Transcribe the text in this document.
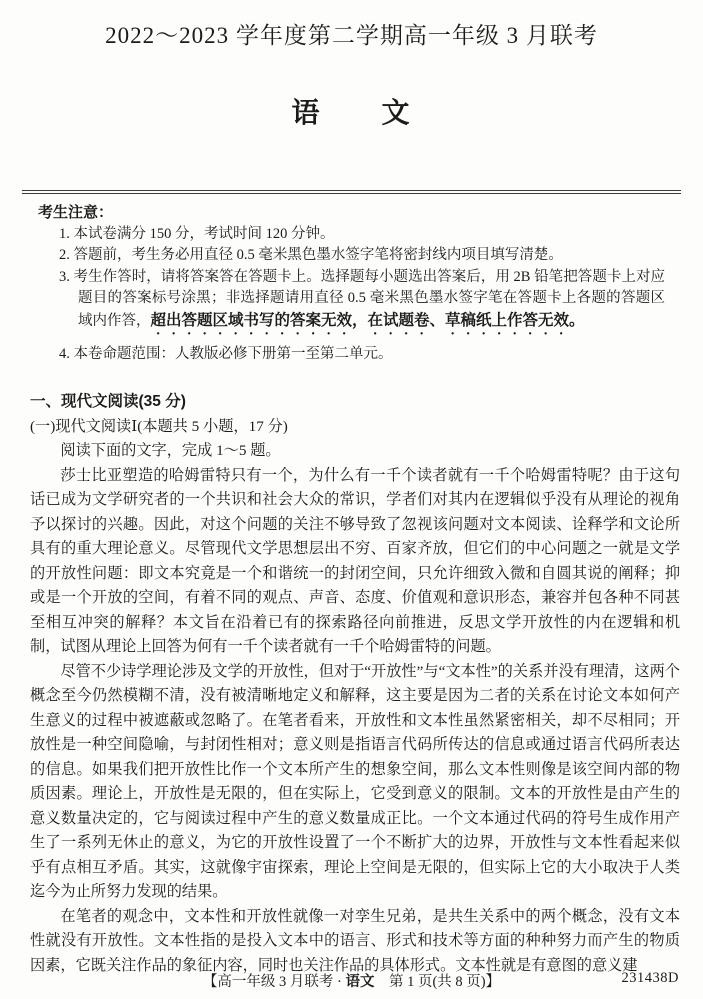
2022～2023 学年度第二学期高一年级 3 月联考
语　　文
考生注意：
1. 本试卷满分 150 分，考试时间 120 分钟。
2. 答题前，考生务必用直径 0.5 毫米黑色墨水签字笔将密封线内项目填写清楚。
3. 考生作答时，请将答案答在答题卡上。选择题每小题选出答案后，用 2B 铅笔把答题卡上对应题目的答案标号涂黑；非选择题请用直径 0.5 毫米黑色墨水签字笔在答题卡上各题的答题区域内作答，超出答题区域书写的答案无效，在试题卷、草稿纸上作答无效。
4. 本卷命题范围：人教版必修下册第一至第二单元。
一、现代文阅读(35 分)
(一)现代文阅读Ⅰ(本题共 5 小题，17 分)
阅读下面的文字，完成 1～5 题。

莎士比亚塑造的哈姆雷特只有一个，为什么有一千个读者就有一千个哈姆雷特呢？由于这句话已成为文学研究者的一个共识和社会大众的常识，学者们对其内在逻辑似乎没有从理论的视角予以探讨的兴趣。因此，对这个问题的关注不够导致了忽视该问题对文本阅读、诠释学和文论所具有的重大理论意义。尽管现代文学思想层出不穷、百家齐放，但它们的中心问题之一就是文学的开放性问题：即文本究竟是一个和谐统一的封闭空间，只允许细致入微和自圆其说的阐释；抑或是一个开放的空间，有着不同的观点、声音、态度、价值观和意识形态，兼容并包各种不同甚至相互冲突的解释？本文旨在沿着已有的探索路径向前推进，反思文学开放性的内在逻辑和机制，试图从理论上回答为何有一千个读者就有一千个哈姆雷特的问题。

尽管不少诗学理论涉及文学的开放性，但对于“开放性”与“文本性”的关系并没有理清，这两个概念至今仍然模糊不清，没有被清晰地定义和解释，这主要是因为二者的关系在讨论文本如何产生意义的过程中被遮蔽或忽略了。在笔者看来，开放性和文本性虽然紧密相关，却不尽相同；开放性是一种空间隐喻，与封闭性相对；意义则是指语言代码所传达的信息或通过语言代码所表达的信息。如果我们把开放性比作一个文本所产生的想象空间，那么文本性则像是该空间内部的物质因素。理论上，开放性是无限的，但在实际上，它受到意义的限制。文本的开放性是由产生的意义数量决定的，它与阅读过程中产生的意义数量成正比。一个文本通过代码的符号生成作用产生了一系列无休止的意义，为它的开放性设置了一个不断扩大的边界，开放性与文本性看起来似乎有点相互矛盾。其实，这就像宇宙探索，理论上空间是无限的，但实际上它的大小取决于人类迄今为止所努力发现的结果。

在笔者的观念中，文本性和开放性就像一对孪生兄弟，是共生关系中的两个概念，没有文本性就没有开放性。文本性指的是投入文本中的语言、形式和技术等方面的种种努力而产生的物质因素，它既关注作品的象征内容，同时也关注作品的具体形式。文本性就是有意图的意义建

【高一年级 3 月联考 · 语文　第 1 页(共 8 页)】	231438D
